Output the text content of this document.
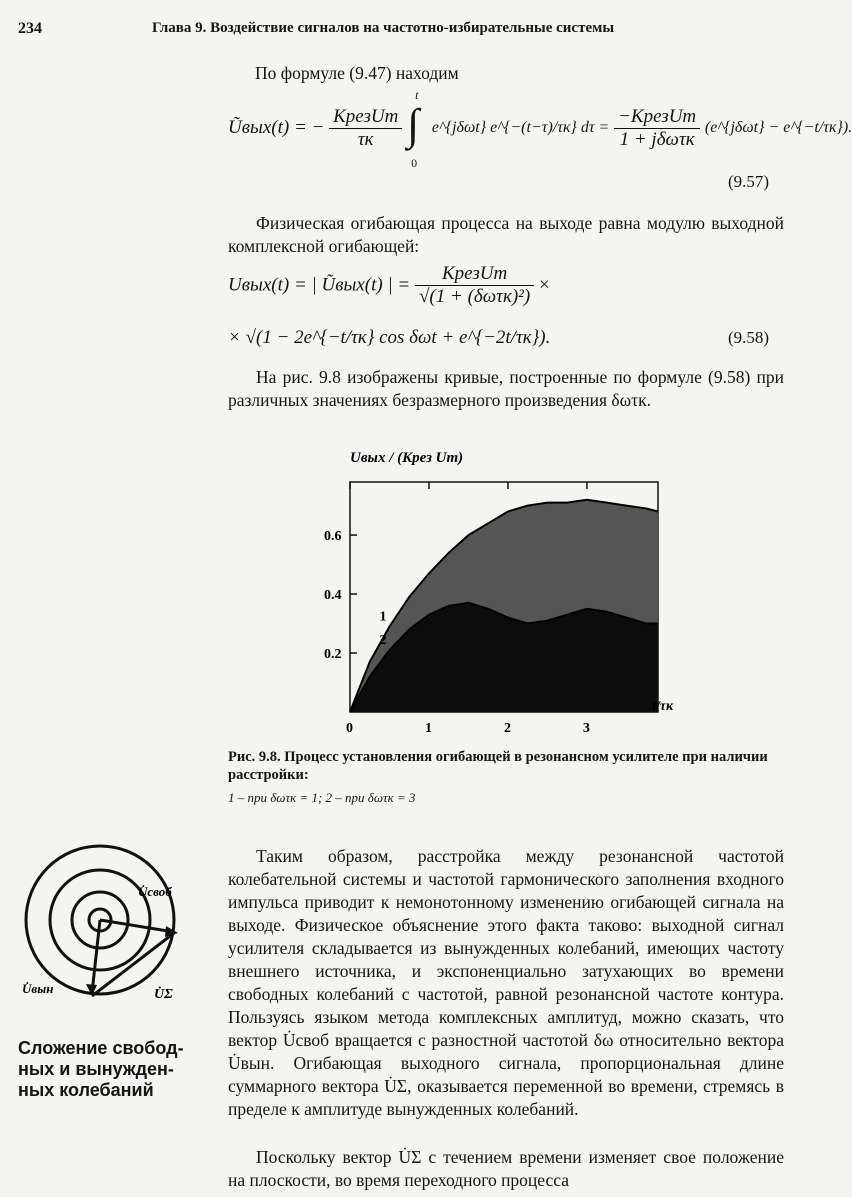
234	Глава 9. Воздействие сигналов на частотно-избирательные системы
По формуле (9.47) находим
Ũвых(t) = − $\frac{\text{KрезUm}}{\tau к}$

t
∫
0
e^{jδωt} e^{−(t−τ)/τк} $d\tau = \frac{\text{−KрезUm}}{\text{1 + jδωτк}}$ (e^{jδωt} − e^{−t/τк}).
(9.57)
Физическая огибающая процесса на выходе равна модулю выходной комплексной огибающей:
Uвых(t) = | Ũвых(t) | = $\frac{\text{KрезUm}}{\text{√(1 + (δωτк)²)}}$ ×
× √(1 − 2e^{−t/τк} cos δωt + e^{−2t/τк}).	(9.58)
На рис. 9.8 изображены кривые, построенные по формуле (9.58) при различных значениях безразмерного произведения δωτк.
Uвых / (Kрез Um)
1
2
0	1	2	3
0.2
0.4
0.6
t/τк
Рис. 9.8. Процесс установления огибающей в резонансном усилителе при наличии расстройки:
1 – при δωτк = 1; 2 – при δωτк = 3
U̇своб
U̇вын	U̇Σ
Сложение свобод- ных и вынужден- ных колебаний
Таким образом, расстройка между резонансной частотой колебательной системы и частотой гармонического заполнения входного импульса приводит к немонотонному изменению огибающей сигнала на выходе. Физическое объяснение этого факта таково: выходной сигнал усилителя складывается из вынужденных колебаний, имеющих частоту внешнего источника, и экспоненциально затухающих во времени свободных колебаний с частотой, равной резонансной частоте контура. Пользуясь языком метода комплексных амплитуд, можно сказать, что вектор U̇своб вращается с разностной частотой δω относительно вектора U̇вын. Огибающая выходного сигнала, пропорциональная длине суммарного вектора U̇Σ, оказывается переменной во времени, стремясь в пределе к амплитуде вынужденных колебаний.
Поскольку вектор U̇Σ с течением времени изменяет свое положение на плоскости, во время переходного процесса
